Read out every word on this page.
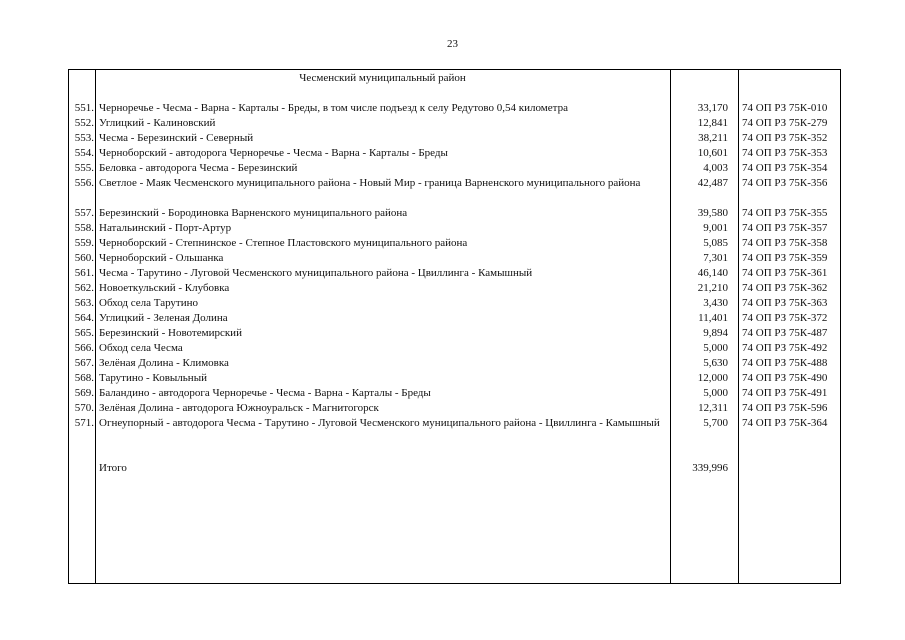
23
Чесменский муниципальный район
551. Черноречье - Чесма - Варна - Карталы - Бреды, в том числе подъезд к селу Редутово 0,54 километра	33,170 74 ОП РЗ 75К-010
552. Углицкий - Калиновский	12,841 74 ОП РЗ 75К-279
553. Чесма - Березинский - Северный	38,211 74 ОП РЗ 75К-352
554. Черноборский - автодорога Черноречье - Чесма - Варна - Карталы - Бреды	10,601 74 ОП РЗ 75К-353
555. Беловка - автодорога Чесма - Березинский	4,003 74 ОП РЗ 75К-354
556. Светлое - Маяк Чесменского муниципального района - Новый Мир - граница Варненского муниципального района	42,487 74 ОП РЗ 75К-356
557. Березинский - Бородиновка Варненского муниципального района	39,580 74 ОП РЗ 75К-355
558. Натальинский - Порт-Артур	9,001 74 ОП РЗ 75К-357
559. Черноборский - Степнинское - Степное Пластовского муниципального района	5,085 74 ОП РЗ 75К-358
560. Черноборский - Ольшанка	7,301 74 ОП РЗ 75К-359
561. Чесма - Тарутино - Луговой Чесменского муниципального района - Цвиллинга - Камышный	46,140 74 ОП РЗ 75К-361
562. Новоеткульский - Клубовка	21,210 74 ОП РЗ 75К-362
563. Обход села Тарутино	3,430 74 ОП РЗ 75К-363
564. Углицкий - Зеленая Долина	11,401 74 ОП РЗ 75К-372
565. Березинский - Новотемирский	9,894 74 ОП РЗ 75К-487
566. Обход села Чесма	5,000 74 ОП РЗ 75К-492
567. Зелёная Долина - Климовка	5,630 74 ОП РЗ 75К-488
568. Тарутино - Ковыльный	12,000 74 ОП РЗ 75К-490
569. Баландино - автодорога Черноречье - Чесма - Варна - Карталы - Бреды	5,000 74 ОП РЗ 75К-491
570. Зелёная Долина - автодорога Южноуральск - Магнитогорск	12,311 74 ОП РЗ 75К-596
571. Огнеупорный - автодорога Чесма - Тарутино - Луговой Чесменского муниципального района - Цвиллинга - Камышный	5,700 74 ОП РЗ 75К-364
Итого	339,996
